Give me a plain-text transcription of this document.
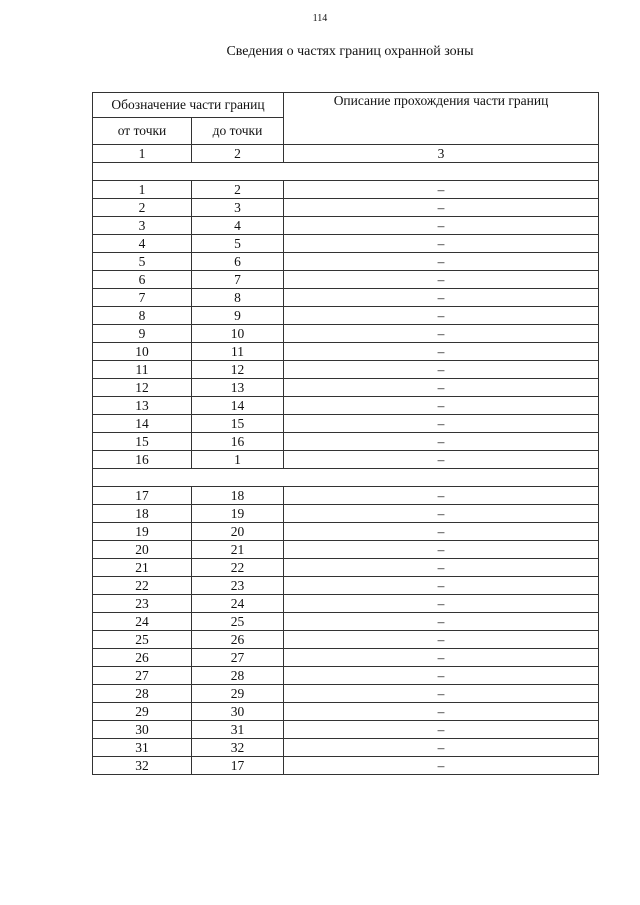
114
Сведения о частях границ охранной зоны
Обозначение части границ		Описание прохождения части границ
от точки	до точки	
1	2	3

1	2	–
2	3	–
3	4	–
4	5	–
5	6	–
6	7	–
7	8	–
8	9	–
9	10	–
10	11	–
11	12	–
12	13	–
13	14	–
14	15	–
15	16	–
16	1	–

17	18	–
18	19	–
19	20	–
20	21	–
21	22	–
22	23	–
23	24	–
24	25	–
25	26	–
26	27	–
27	28	–
28	29	–
29	30	–
30	31	–
31	32	–
32	17	–
